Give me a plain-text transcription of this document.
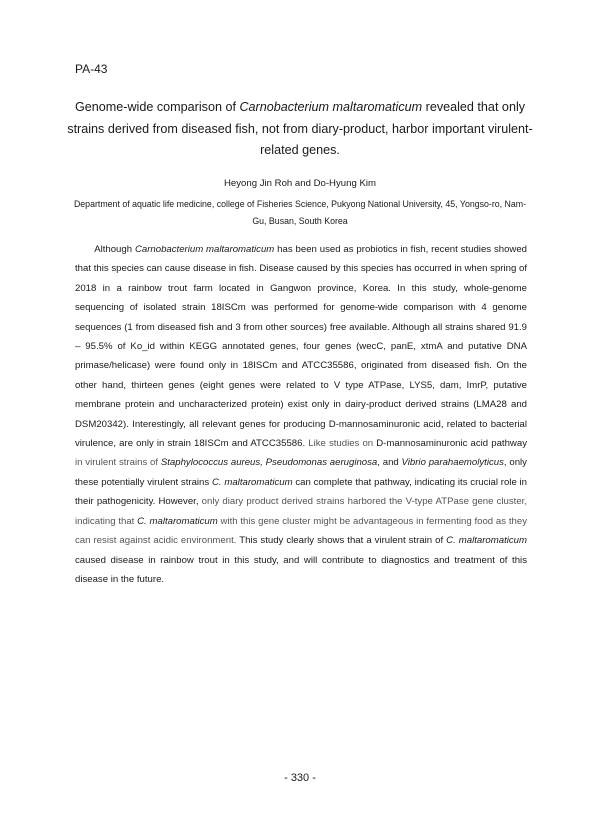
PA-43
Genome-wide comparison of Carnobacterium maltaromaticum revealed that only strains derived from diseased fish, not from diary-product, harbor important virulent-related genes.
Heyong Jin Roh and Do-Hyung Kim
Department of aquatic life medicine, college of Fisheries Science, Pukyong National University, 45, Yongso-ro, Nam-Gu, Busan, South Korea
Although Carnobacterium maltaromaticum has been used as probiotics in fish, recent studies showed that this species can cause disease in fish. Disease caused by this species has occurred in when spring of 2018 in a rainbow trout farm located in Gangwon province, Korea. In this study, whole-genome sequencing of isolated strain 18ISCm was performed for genome-wide comparison with 4 genome sequences (1 from diseased fish and 3 from other sources) free available. Although all strains shared 91.9 – 95.5% of Ko_id within KEGG annotated genes, four genes (wecC, panE, xtmA and putative DNA primase/helicase) were found only in 18ISCm and ATCC35586, originated from diseased fish. On the other hand, thirteen genes (eight genes were related to V type ATPase, LYS5, dam, ImrP, putative membrane protein and uncharacterized protein) exist only in dairy-product derived strains (LMA28 and DSM20342). Interestingly, all relevant genes for producing D-mannosaminuronic acid, related to bacterial virulence, are only in strain 18ISCm and ATCC35586. Like studies on D-mannosaminuronic acid pathway in virulent strains of Staphylococcus aureus, Pseudomonas aeruginosa, and Vibrio parahaemolyticus, only these potentially virulent strains C. maltaromaticum can complete that pathway, indicating its crucial role in their pathogenicity. However, only diary product derived strains harbored the V-type ATPase gene cluster, indicating that C. maltaromaticum with this gene cluster might be advantageous in fermenting food as they can resist against acidic environment. This study clearly shows that a virulent strain of C. maltaromaticum caused disease in rainbow trout in this study, and will contribute to diagnostics and treatment of this disease in the future.
- 330 -
